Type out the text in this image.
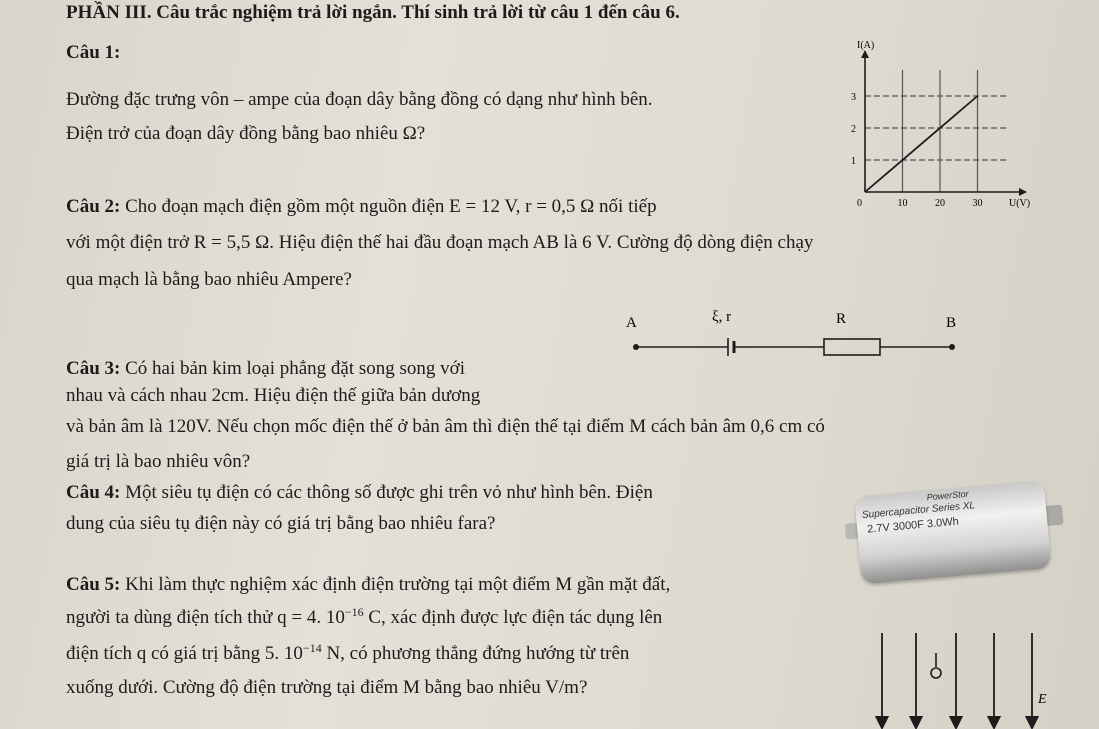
PHẦN III. Câu trắc nghiệm trả lời ngắn. Thí sinh trả lời từ câu 1 đến câu 6.
Câu 1:
Đường đặc trưng vôn – ampe của đoạn dây bằng đồng có dạng như hình bên.
Điện trở của đoạn dây đồng bằng bao nhiêu Ω?
0	10	20	30
1
2
3
U(V)
I(A)
Câu 2: Cho đoạn mạch điện gồm một nguồn điện E = 12 V, r = 0,5 Ω nối tiếp
với một điện trở R = 5,5 Ω. Hiệu điện thế hai đầu đoạn mạch AB là 6 V. Cường độ dòng điện chạy
qua mạch là bằng bao nhiêu Ampere?
A	ξ, r	R	B
Câu 3: Có hai bản kim loại phẳng đặt song song với
nhau và cách nhau 2cm. Hiệu điện thế giữa bản dương
và bản âm là 120V. Nếu chọn mốc điện thế ở bản âm thì điện thế tại điểm M cách bản âm 0,6 cm có
giá trị là bao nhiêu vôn?
Câu 4: Một siêu tụ điện có các thông số được ghi trên vỏ như hình bên. Điện
dung của siêu tụ điện này có giá trị bằng bao nhiêu fara?
PowerStor
Supercapacitor Series XL
2.7V 3000F 3.0Wh
Câu 5: Khi làm thực nghiệm xác định điện trường tại một điểm M gần mặt đất,
người ta dùng điện tích thử q = 4. $10^{-16}$ C, xác định được lực điện tác dụng lên
điện tích q có giá trị bằng 5. $10^{-14}$ N, có phương thẳng đứng hướng từ trên
xuống dưới. Cường độ điện trường tại điểm M bằng bao nhiêu V/m?
E
